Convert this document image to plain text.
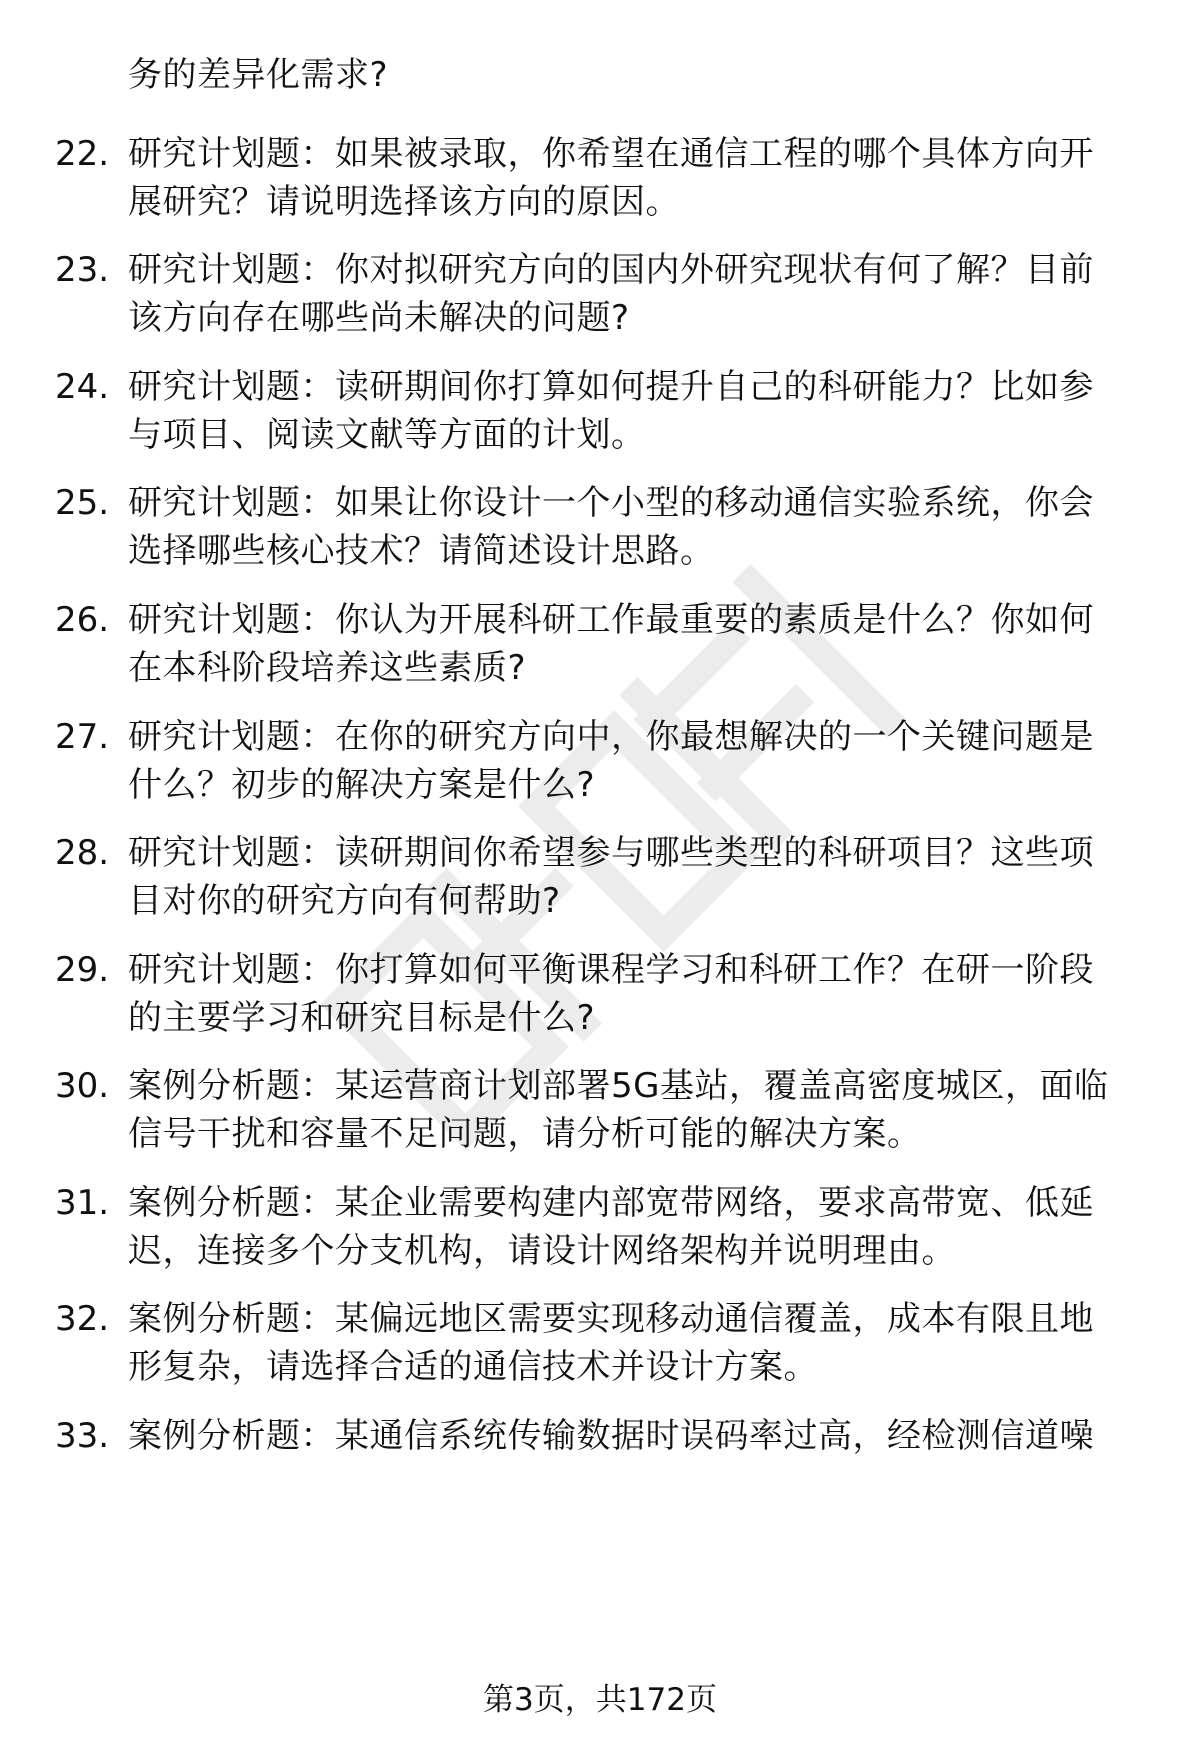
务的差异化需求?
22. 研究计划题：如果被录取，你希望在通信工程的哪个具体方向开
展研究？请说明选择该方向的原因。
23. 研究计划题：你对拟研究方向的国内外研究现状有何了解？目前
该方向存在哪些尚未解决的问题?
24. 研究计划题：读研期间你打算如何提升自己的科研能力？比如参
与项目、阅读文献等方面的计划。
25. 研究计划题：如果让你设计一个小型的移动通信实验系统，你会
选择哪些核心技术？请简述设计思路。
26. 研究计划题：你认为开展科研工作最重要的素质是什么？你如何
在本科阶段培养这些素质?
27. 研究计划题：在你的研究方向中，你最想解决的一个关键问题是
什么？初步的解决方案是什么?
28. 研究计划题：读研期间你希望参与哪些类型的科研项目？这些项
目对你的研究方向有何帮助?
29. 研究计划题：你打算如何平衡课程学习和科研工作？在研一阶段
的主要学习和研究目标是什么?
30. 案例分析题：某运营商计划部署5G基站，覆盖高密度城区，面临
信号干扰和容量不足问题，请分析可能的解决方案。
31. 案例分析题：某企业需要构建内部宽带网络，要求高带宽、低延
迟，连接多个分支机构，请设计网络架构并说明理由。
32. 案例分析题：某偏远地区需要实现移动通信覆盖，成本有限且地
形复杂，请选择合适的通信技术并设计方案。
33. 案例分析题：某通信系统传输数据时误码率过高，经检测信道噪
第3页，共172页
